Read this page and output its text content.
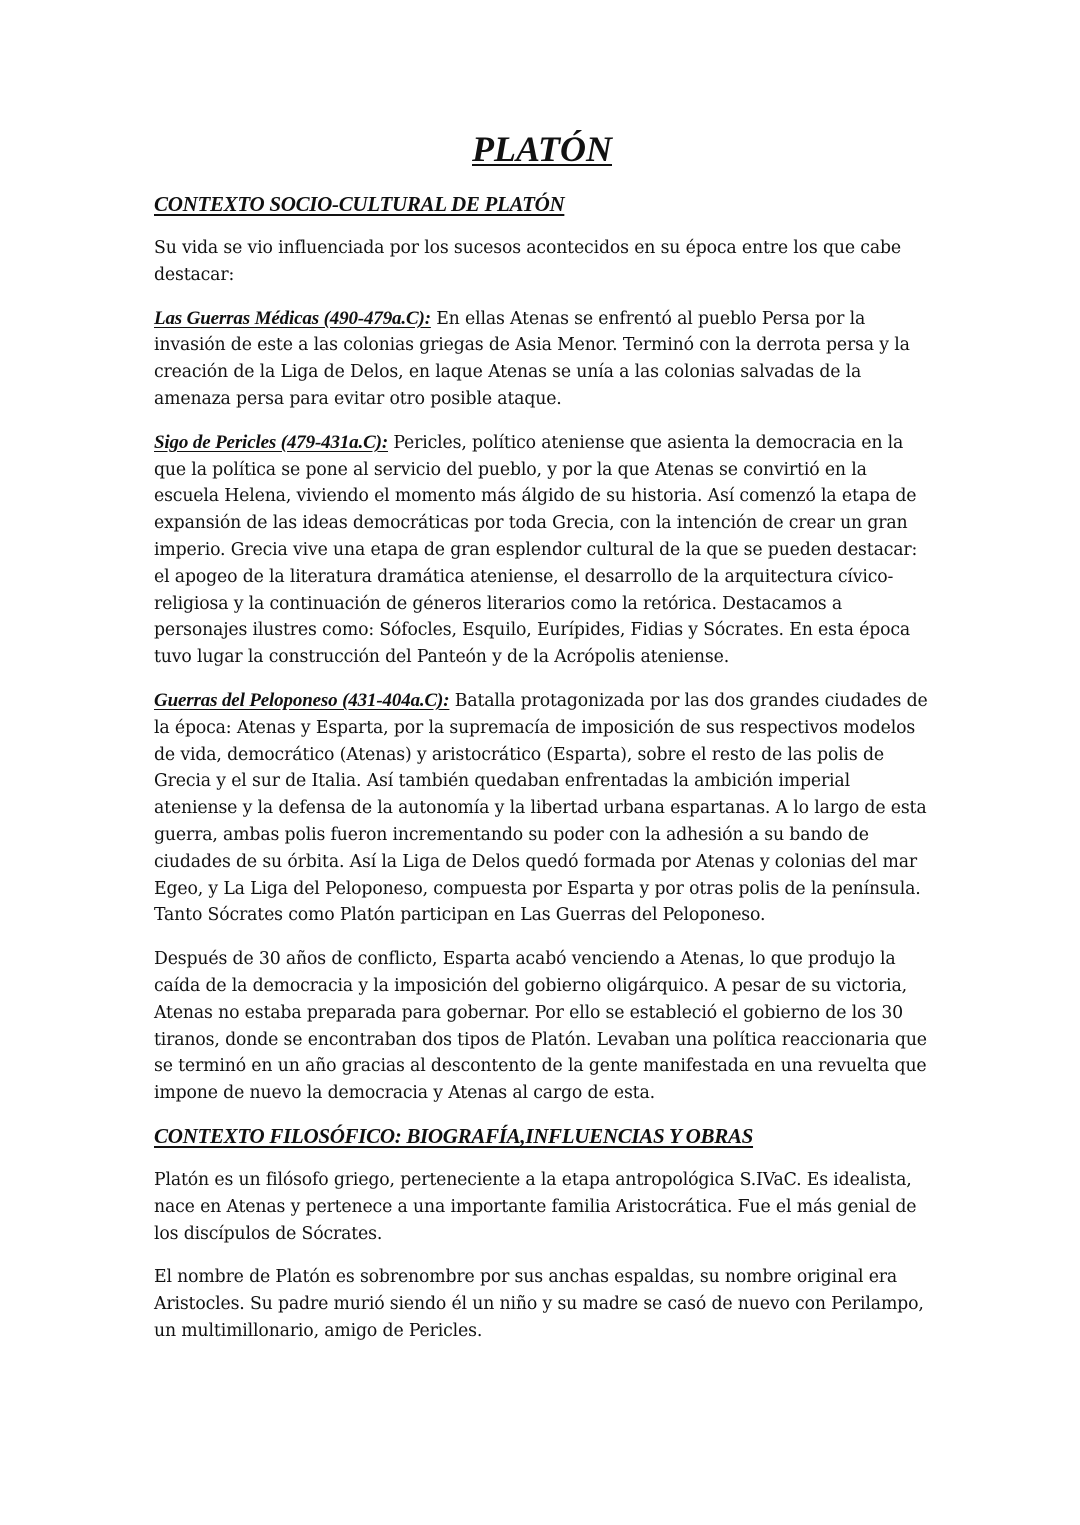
PLATÓN
CONTEXTO SOCIO-CULTURAL DE PLATÓN

Su vida se vio influenciada por los sucesos acontecidos en su época entre los que cabe destacar:

Las Guerras Médicas (490-479a.C): En ellas Atenas se enfrentó al pueblo Persa por la invasión de este a las colonias griegas de Asia Menor. Terminó con la derrota persa y la creación de la Liga de Delos, en laque Atenas se unía a las colonias salvadas de la amenaza persa para evitar otro posible ataque.

Sigo de Pericles (479-431a.C): Pericles, político ateniense que asienta la democracia en la que la política se pone al servicio del pueblo, y por la que Atenas se convirtió en la escuela Helena, viviendo el momento más álgido de su historia. Así comenzó la etapa de expansión de las ideas democráticas por toda Grecia, con la intención de crear un gran imperio. Grecia vive una etapa de gran esplendor cultural de la que se pueden destacar: el apogeo de la literatura dramática ateniense, el desarrollo de la arquitectura cívico-religiosa y la continuación de géneros literarios como la retórica. Destacamos a personajes ilustres como: Sófocles, Esquilo, Eurípides, Fidias y Sócrates. En esta época tuvo lugar la construcción del Panteón y de la Acrópolis ateniense.

Guerras del Peloponeso (431-404a.C): Batalla protagonizada por las dos grandes ciudades de la época: Atenas y Esparta, por la supremacía de imposición de sus respectivos modelos de vida, democrático (Atenas) y aristocrático (Esparta), sobre el resto de las polis de Grecia y el sur de Italia. Así también quedaban enfrentadas la ambición imperial ateniense y la defensa de la autonomía y la libertad urbana espartanas. A lo largo de esta guerra, ambas polis fueron incrementando su poder con la adhesión a su bando de ciudades de su órbita. Así la Liga de Delos quedó formada por Atenas y colonias del mar Egeo, y La Liga del Peloponeso, compuesta por Esparta y por otras polis de la península. Tanto Sócrates como Platón participan en Las Guerras del Peloponeso.

Después de 30 años de conflicto, Esparta acabó venciendo a Atenas, lo que produjo la caída de la democracia y la imposición del gobierno oligárquico. A pesar de su victoria, Atenas no estaba preparada para gobernar. Por ello se estableció el gobierno de los 30 tiranos, donde se encontraban dos tipos de Platón. Levaban una política reaccionaria que se terminó en un año gracias al descontento de la gente manifestada en una revuelta que impone de nuevo la democracia y Atenas al cargo de esta.

CONTEXTO FILOSÓFICO: BIOGRAFÍA,INFLUENCIAS Y OBRAS

Platón es un filósofo griego, perteneciente a la etapa antropológica S.IVaC. Es idealista, nace en Atenas y pertenece a una importante familia Aristocrática. Fue el más genial de los discípulos de Sócrates.

El nombre de Platón es sobrenombre por sus anchas espaldas, su nombre original era Aristocles. Su padre murió siendo él un niño y su madre se casó de nuevo con Perilampo, un multimillonario, amigo de Pericles.
